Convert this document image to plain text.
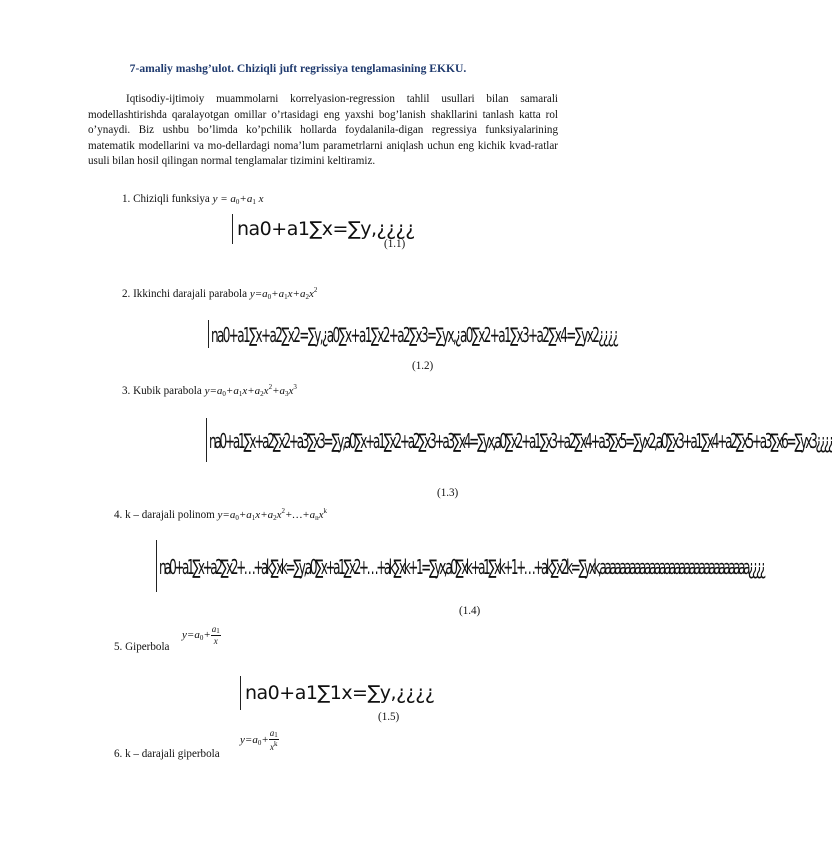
7-amaliy mashg’ulot. Chiziqli juft regrissiya tenglamasining EKKU.

Iqtisodiy-ijtimoiy muammolarni korrelyasion-regression tahlil usullari bilan samarali modellashtirishda qaralayotgan omillar o’rtasidagi eng yaxshi bog’lanish shakllarini tanlash katta rol o’ynaydi. Biz ushbu bo’limda ko’pchilik hollarda foydalanila-digan regressiya funksiyalarining matematik modellarini va mo-dellardagi noma’lum parametrlarni aniqlash uchun eng kichik kvad-ratlar usuli bilan hosil qilingan normal tenglamalar tizimini keltiramiz.

1. Chiziqli funksiya $y = a_0+a_1$ x
na0+a1∑x=∑y,¿¿¿¿
(1.1)
2. Ikkinchi darajali parabola $y=a_0+a_1x+a_2x^2$
na0+a1∑x+a2∑x2=∑y,¿a0∑x+a1∑x2+a2∑x3=∑yx,¿a0∑x2+a1∑x3+a2∑x4=∑yx2¿¿¿¿
(1.2)
3. Kubik parabola $y=a_0+a_1x+a_2x^2+a_3x^3$
na0+a1∑x+a2∑x2+a3∑x3=∑y,a0∑x+a1∑x2+a2∑x3+a3∑x4=∑yx,a0∑x2+a1∑x3+a2∑x4+a3∑x5=∑yx2,a0∑x3+a1∑x4+a2∑x5+a3∑x6=∑yx3¿¿¿¿
(1.3)
4. k – darajali polinom $y=a_0+a_1x+a_2x^2+\dots+a_nx^k$
na0+a1∑x+a2∑x2+…+ak∑xk=∑y,a0∑x+a1∑x2+…+ak∑xk+1=∑yx,a0∑xk+a1∑xk+1+…+ak∑x2k=∑yxk,aaaaaaaaaaaaaaaaaaaaaaaaaaaaaa¿¿¿¿
(1.4)
$y=a_0+ \frac{a1}{x}$
5. Giperbola
na0+a1∑1x=∑y,¿¿¿¿
(1.5)
$y=a_0+ \frac{a1}{x^k}$
6. k – darajali giperbola
